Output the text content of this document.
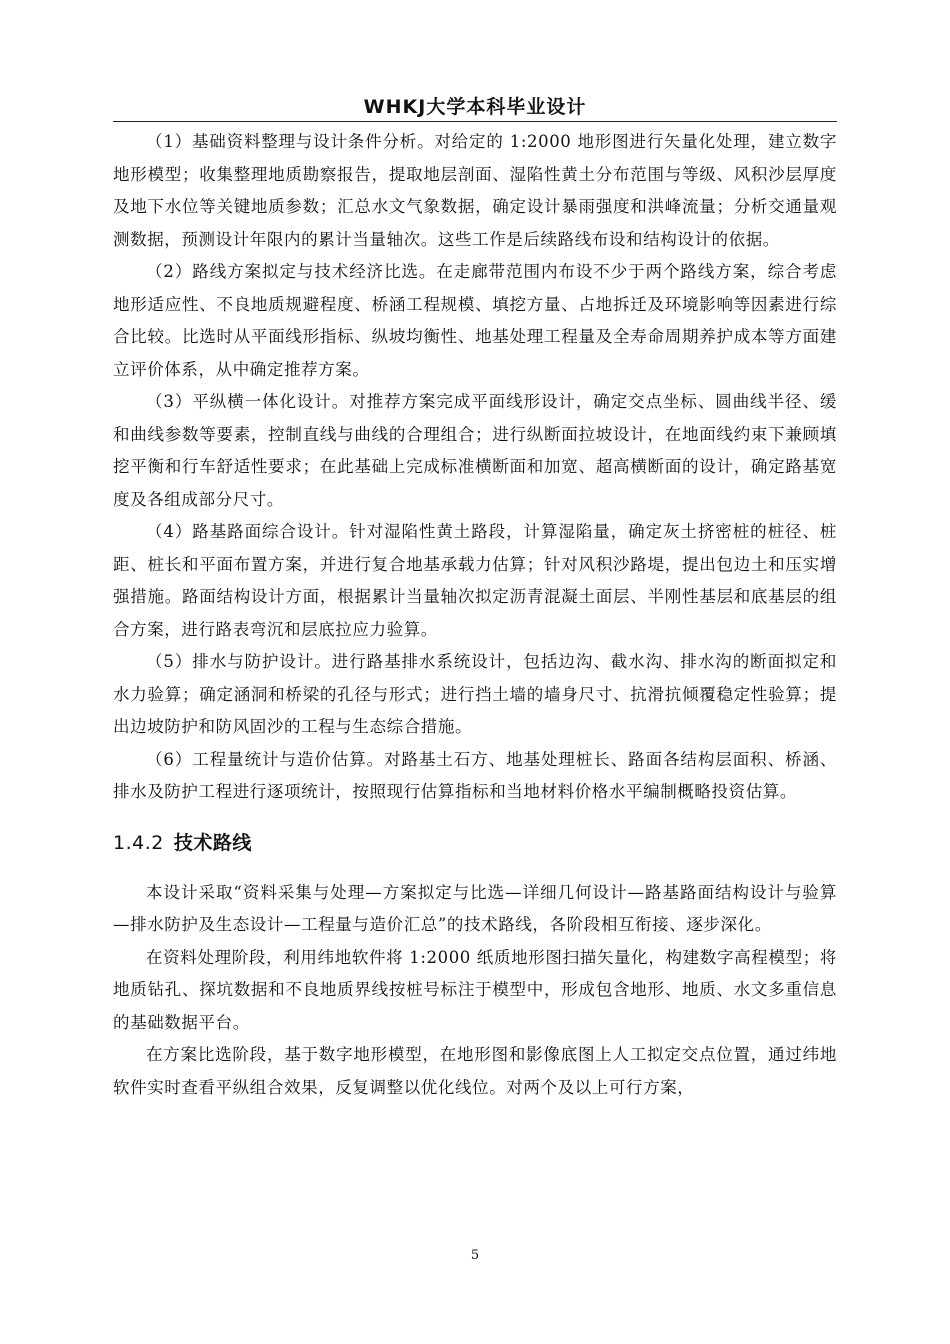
WHKJ大学本科毕业设计

（1）基础资料整理与设计条件分析。对给定的 1:2000 地形图进行矢量化处理，建立数字地形模型；收集整理地质勘察报告，提取地层剖面、湿陷性黄土分布范围与等级、风积沙层厚度及地下水位等关键地质参数；汇总水文气象数据，确定设计暴雨强度和洪峰流量；分析交通量观测数据，预测设计年限内的累计当量轴次。这些工作是后续路线布设和结构设计的依据。

（2）路线方案拟定与技术经济比选。在走廊带范围内布设不少于两个路线方案，综合考虑地形适应性、不良地质规避程度、桥涵工程规模、填挖方量、占地拆迁及环境影响等因素进行综合比较。比选时从平面线形指标、纵坡均衡性、地基处理工程量及全寿命周期养护成本等方面建立评价体系，从中确定推荐方案。

（3）平纵横一体化设计。对推荐方案完成平面线形设计，确定交点坐标、圆曲线半径、缓和曲线参数等要素，控制直线与曲线的合理组合；进行纵断面拉坡设计，在地面线约束下兼顾填挖平衡和行车舒适性要求；在此基础上完成标准横断面和加宽、超高横断面的设计，确定路基宽度及各组成部分尺寸。

（4）路基路面综合设计。针对湿陷性黄土路段，计算湿陷量，确定灰土挤密桩的桩径、桩距、桩长和平面布置方案，并进行复合地基承载力估算；针对风积沙路堤，提出包边土和压实增强措施。路面结构设计方面，根据累计当量轴次拟定沥青混凝土面层、半刚性基层和底基层的组合方案，进行路表弯沉和层底拉应力验算。

（5）排水与防护设计。进行路基排水系统设计，包括边沟、截水沟、排水沟的断面拟定和水力验算；确定涵洞和桥梁的孔径与形式；进行挡土墙的墙身尺寸、抗滑抗倾覆稳定性验算；提出边坡防护和防风固沙的工程与生态综合措施。

（6）工程量统计与造价估算。对路基土石方、地基处理桩长、路面各结构层面积、桥涵、排水及防护工程进行逐项统计，按照现行估算指标和当地材料价格水平编制概略投资估算。

1.4.2 技术路线

本设计采取“资料采集与处理—方案拟定与比选—详细几何设计—路基路面结构设计与验算—排水防护及生态设计—工程量与造价汇总”的技术路线，各阶段相互衔接、逐步深化。

在资料处理阶段，利用纬地软件将 1:2000 纸质地形图扫描矢量化，构建数字高程模型；将地质钻孔、探坑数据和不良地质界线按桩号标注于模型中，形成包含地形、地质、水文多重信息的基础数据平台。

在方案比选阶段，基于数字地形模型，在地形图和影像底图上人工拟定交点位置，通过纬地软件实时查看平纵组合效果，反复调整以优化线位。对两个及以上可行方案，

5
